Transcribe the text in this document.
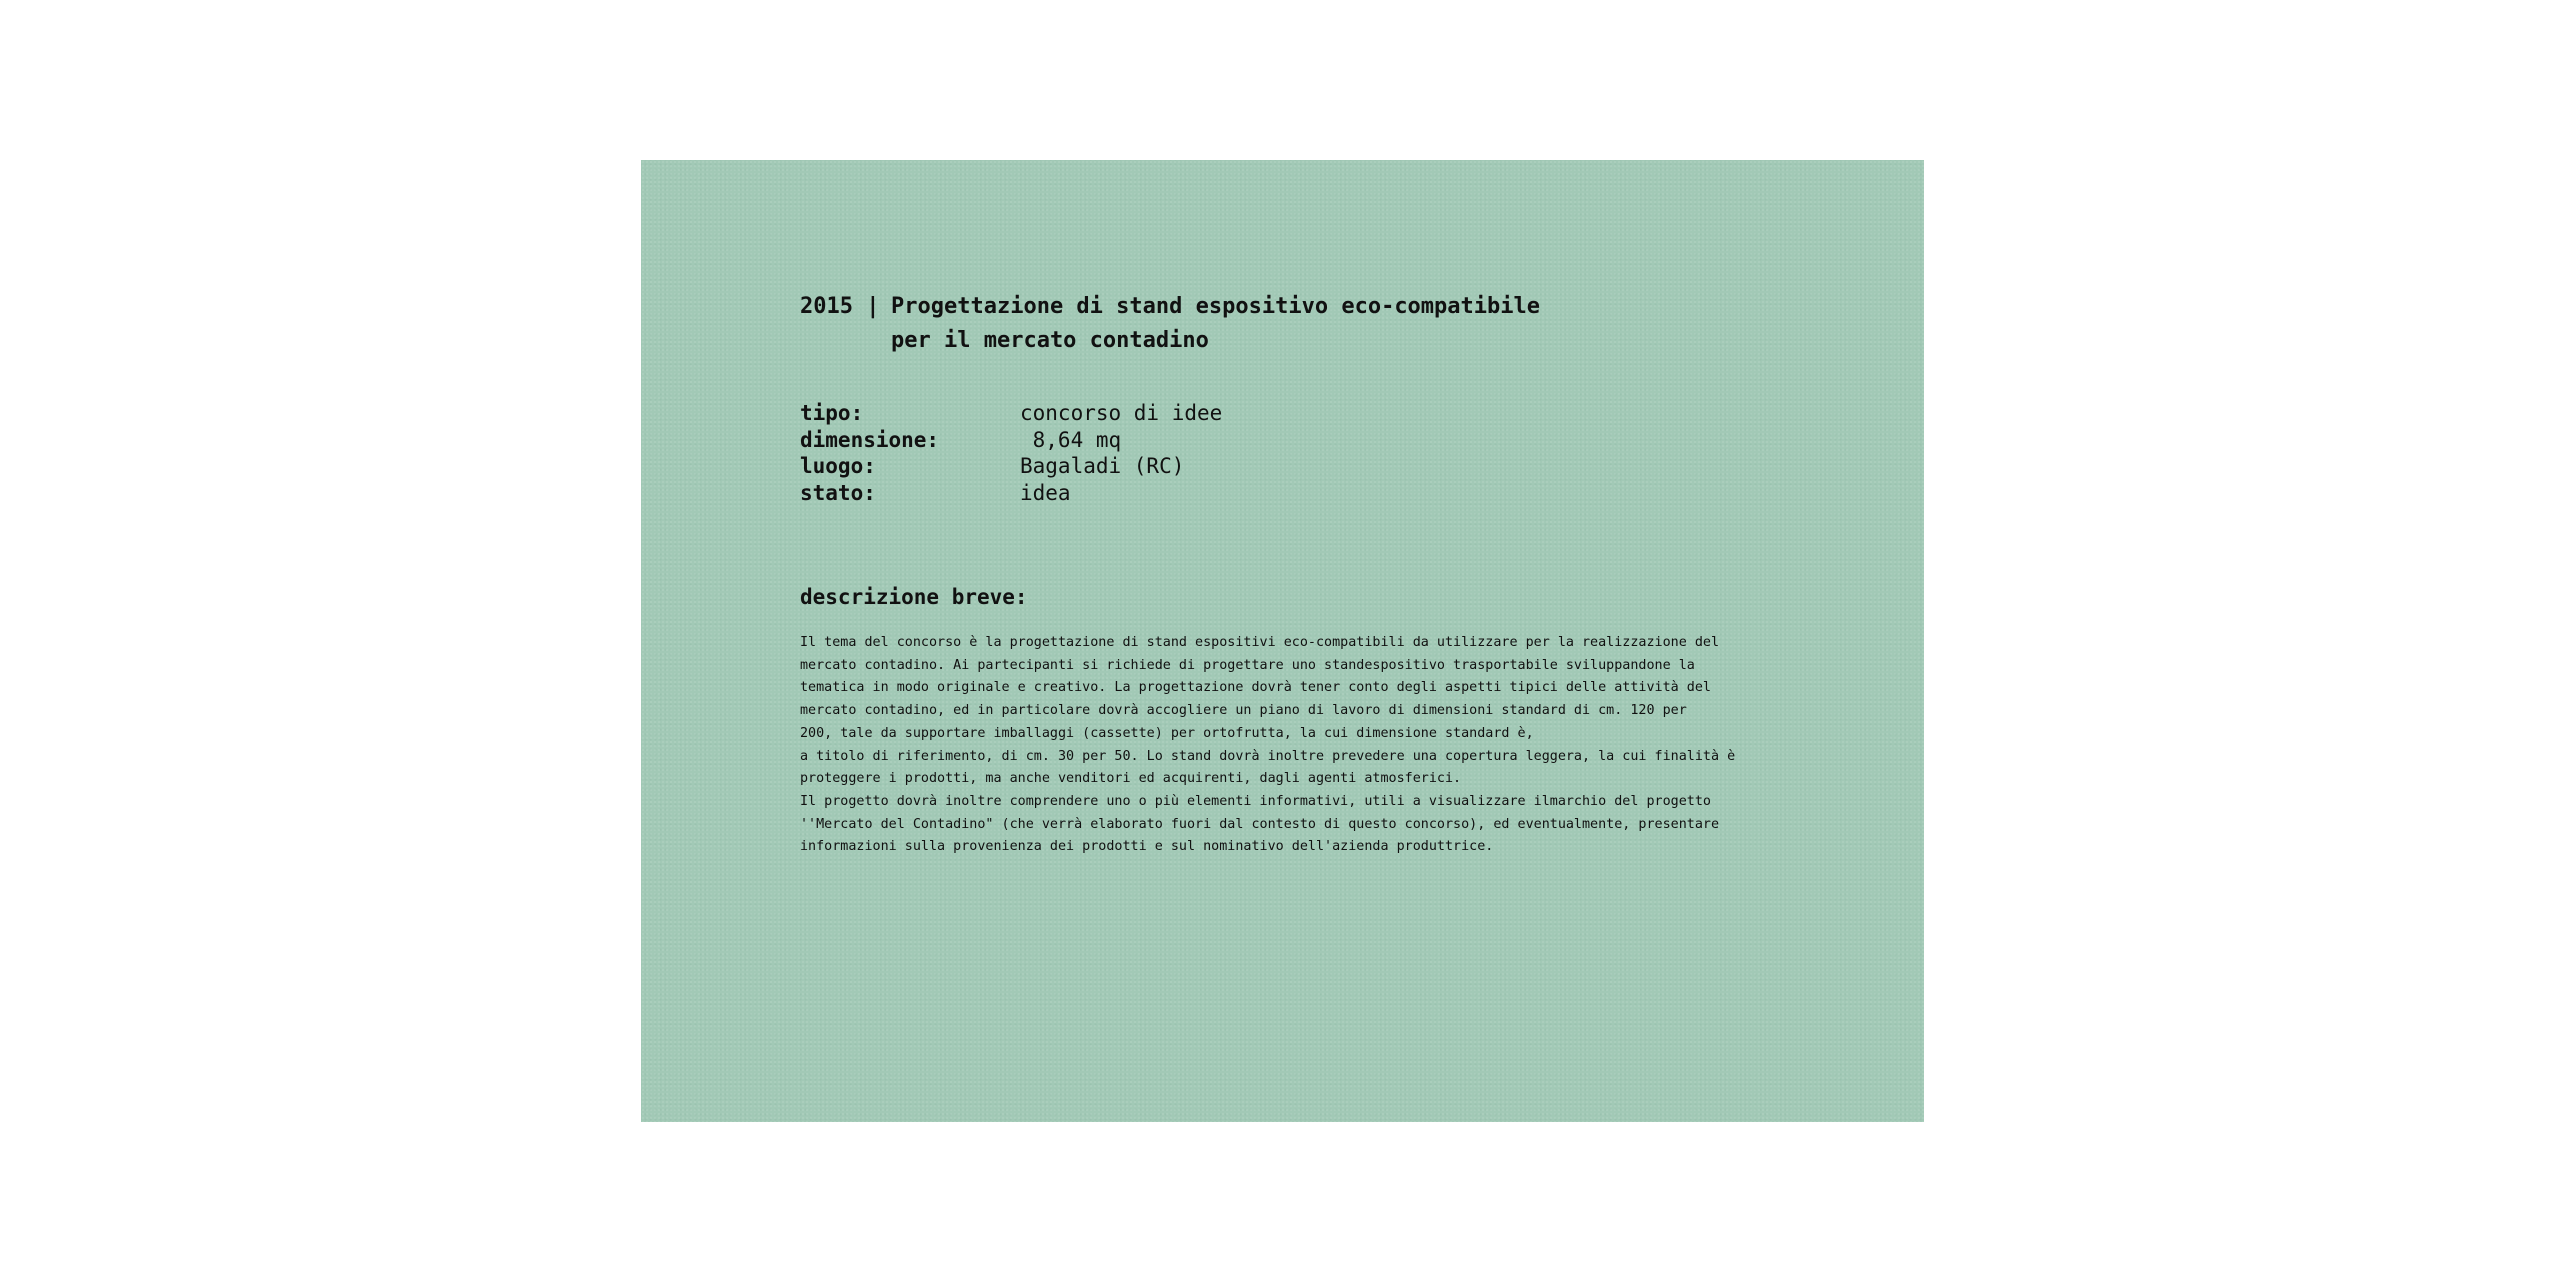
2015 | Progettazione di stand espositivo eco-compatibile
per il mercato contadino
tipo:	concorso di idee
dimensione:	8,64 mq
luogo:	Bagaladi (RC)
stato:	idea
descrizione breve:

Il tema del concorso è la progettazione di stand espositivi eco-compatibili da utilizzare per la realizzazione del

mercato contadino. Ai partecipanti si richiede di progettare uno standespositivo trasportabile sviluppandone la

tematica in modo originale e creativo. La progettazione dovrà tener conto degli aspetti tipici delle attività del

mercato contadino, ed in particolare dovrà accogliere un piano di lavoro di dimensioni standard di cm. 120 per

200, tale da supportare imballaggi (cassette) per ortofrutta, la cui dimensione standard è,

a titolo di riferimento, di cm. 30 per 50. Lo stand dovrà inoltre prevedere una copertura leggera, la cui finalità è

proteggere i prodotti, ma anche venditori ed acquirenti, dagli agenti atmosferici.

Il progetto dovrà inoltre comprendere uno o più elementi informativi, utili a visualizzare ilmarchio del progetto

''Mercato del Contadino" (che verrà elaborato fuori dal contesto di questo concorso), ed eventualmente, presentare

informazioni sulla provenienza dei prodotti e sul nominativo dell'azienda produttrice.
